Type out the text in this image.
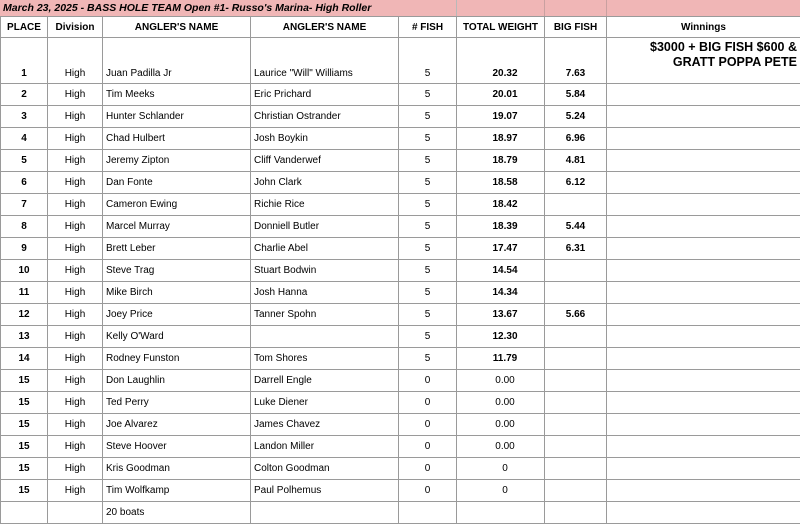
March 23, 2025 - BASS HOLE TEAM Open #1- Russo's Marina- High Roller
PLACE	Division	ANGLER'S NAME	ANGLER'S NAME	# FISH	TOTAL WEIGHT	BIG FISH	Winnings
1	High	Juan Padilla Jr	Laurice "Will" Williams	5	20.32	7.63	$3000 + BIG FISH $600 & GRATT POPPA PETE
2	High	Tim Meeks	Eric Prichard	5	20.01	5.84	
3	High	Hunter Schlander	Christian Ostrander	5	19.07	5.24	
4	High	Chad Hulbert	Josh Boykin	5	18.97	6.96	
5	High	Jeremy Zipton	Cliff Vanderwef	5	18.79	4.81	
6	High	Dan Fonte	John Clark	5	18.58	6.12	
7	High	Cameron Ewing	Richie Rice	5	18.42		
8	High	Marcel Murray	Donniell Butler	5	18.39	5.44	
9	High	Brett Leber	Charlie Abel	5	17.47	6.31	
10	High	Steve Trag	Stuart Bodwin	5	14.54		
11	High	Mike Birch	Josh Hanna	5	14.34		
12	High	Joey Price	Tanner Spohn	5	13.67	5.66	
13	High	Kelly O'Ward		5	12.30		
14	High	Rodney Funston	Tom Shores	5	11.79		
15	High	Don Laughlin	Darrell Engle	0	0.00		
15	High	Ted Perry	Luke Diener	0	0.00		
15	High	Joe Alvarez	James Chavez	0	0.00		
15	High	Steve Hoover	Landon Miller	0	0.00		
15	High	Kris Goodman	Colton Goodman	0	0		
15	High	Tim Wolfkamp	Paul Polhemus	0	0		
		20 boats					
